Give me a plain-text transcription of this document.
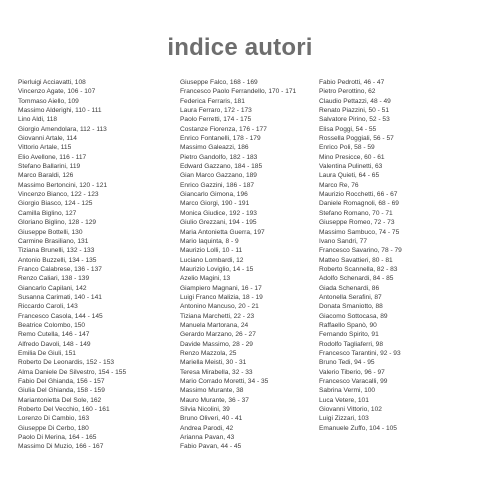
indice autori
Pierluigi Acciavatti, 108
Vincenzo Agate, 106 - 107
Tommaso Aiello, 109
Massimo Alderighi, 110 - 111
Lino Aldi, 118
Giorgio Amendolara, 112 - 113
Giovanni Artale, 114
Vittorio Artale, 115
Elio Avellone, 116 - 117
Stefano Ballarini, 119
Marco Baraldi, 126
Massimo Bertoncini, 120 - 121
Vincenzo Bianco, 122 - 123
Giorgio Biasco, 124 - 125
Camilla Biglino, 127
Gloriano Biglino, 128 - 129
Giuseppe Bottelli, 130
Carmine Brasiliano, 131
Tiziana Brunelli, 132 - 133
Antonio Buzzelli, 134 - 135
Franco Calabrese, 136 - 137
Renzo Caliari, 138 - 139
Giancarlo Capilani, 142
Susanna Carimati, 140 - 141
Riccardo Caroli, 143
Francesco Casola, 144 - 145
Beatrice Colombo, 150
Remo Cutella, 146 - 147
Alfredo Davoli, 148 - 149
Emilia De Giuli, 151
Roberto De Leonardis, 152 - 153
Alma Daniele De Silvestro, 154 - 155
Fabio Del Ghianda, 156 - 157
Giulia Del Ghianda, 158 - 159
Mariantonietta Del Sole, 162
Roberto Del Vecchio, 160 - 161
Lorenzo Di Cambio, 163
Giuseppe Di Cerbo, 180
Paolo Di Merina, 164 - 165
Massimo Di Muzio, 166 - 167
Giuseppe Falco, 168 - 169
Francesco Paolo Ferrandello, 170 - 171
Federica Ferraris, 181
Laura Ferraro, 172 - 173
Paolo Ferretti, 174 - 175
Costanze Fiorenza, 176 - 177
Enrico Fontanelli, 178 - 179
Massimo Galeazzi, 186
Pietro Gandolfo, 182 - 183
Edward Gazzano, 184 - 185
Gian Marco Gazzano, 189
Enrico Gazzini, 186 - 187
Giancarlo Gimona, 196
Marco Giorgi, 190 - 191
Monica Giudice, 192 - 193
Giulio Grezzani, 194 - 195
Maria Antonietta Guerra, 197
Mario Iaquinta, 8 - 9
Maurizio Lolli, 10 - 11
Luciano Lombardi, 12
Maurizio Loviglio, 14 - 15
Azelio Magini, 13
Giampiero Magnani, 16 - 17
Luigi Franco Malizia, 18 - 19
Antonino Mancuso, 20 - 21
Tiziana Marchetti, 22 - 23
Manuela Martorana, 24
Gerardo Marzano, 26 - 27
Davide Massimo, 28 - 29
Renzo Mazzola, 25
Mariella Meisti, 30 - 31
Teresa Mirabella, 32 - 33
Mario Corrado Moretti, 34 - 35
Massimo Murante, 38
Mauro Murante, 36 - 37
Silvia Nicolini, 39
Bruno Oliveri, 40 - 41
Andrea Parodi, 42
Arianna Pavan, 43
Fabio Pavan, 44 - 45
Fabio Pedrotti, 46 - 47
Pietro Perottino, 62
Claudio Pettazzi, 48 - 49
Renato Piazzini, 50 - 51
Salvatore Pirino, 52 - 53
Elisa Poggi, 54 - 55
Rossella Poggiali, 56 - 57
Enrico Poli, 58 - 59
Mino Presicce, 60 - 61
Valentina Pulinetti, 63
Laura Quieti, 64 - 65
Marco Re, 76
Maurizio Rocchetti, 66 - 67
Daniele Romagnoli, 68 - 69
Stefano Romano, 70 - 71
Giuseppe Romeo, 72 - 73
Massimo Sambuco, 74 - 75
Ivano Sandri, 77
Francesco Savarino, 78 - 79
Matteo Savattieri, 80 - 81
Roberto Scannella, 82 - 83
Adolfo Schenardi, 84 - 85
Giada Schenardi, 86
Antonella Serafini, 87
Donata Smaniotto, 88
Giacomo Sottocasa, 89
Raffaello Spanò, 90
Fernando Spirito, 91
Rodolfo Tagliaferri, 98
Francesco Tarantini, 92 - 93
Bruno Tedi, 94 - 95
Valerio Tiberio, 96 - 97
Francesco Varacalli, 99
Sabrina Vermi, 100
Luca Vetere, 101
Giovanni Vittorio, 102
Luigi Zizzari, 103
Emanuele Zuffo, 104 - 105
